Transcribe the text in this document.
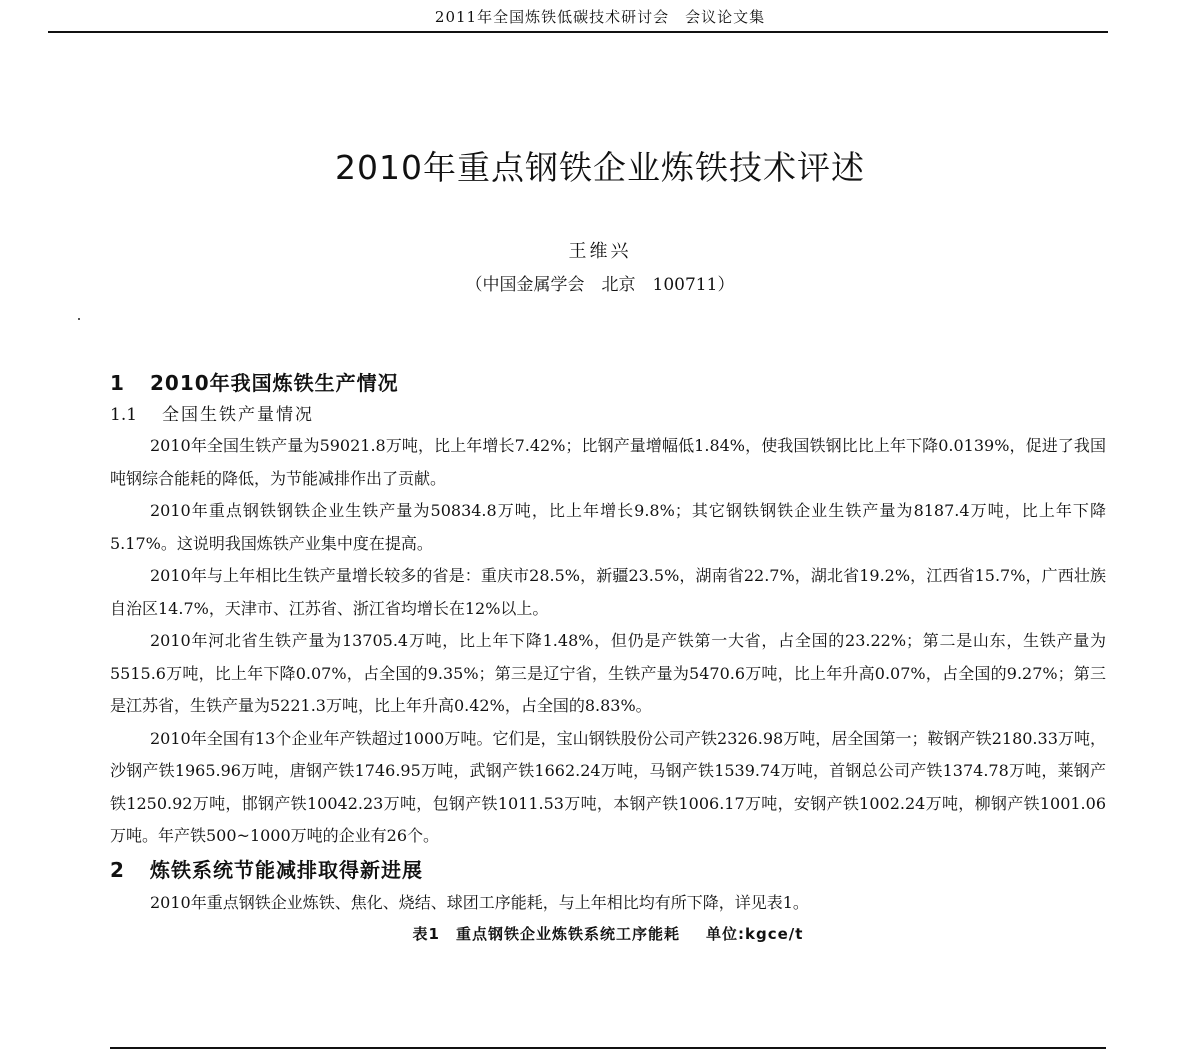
2011年全国炼铁低碳技术研讨会　会议论文集
2010年重点钢铁企业炼铁技术评述
王维兴
（中国金属学会　北京　100711）
1 2010年我国炼铁生产情况
1.1 全国生铁产量情况

2010年全国生铁产量为59021.8万吨，比上年增长7.42%；比钢产量增幅低1.84%，使我国铁钢比比上年下降0.0139%，促进了我国吨钢综合能耗的降低，为节能减排作出了贡献。

2010年重点钢铁钢铁企业生铁产量为50834.8万吨，比上年增长9.8%；其它钢铁钢铁企业生铁产量为8187.4万吨，比上年下降5.17%。这说明我国炼铁产业集中度在提高。

2010年与上年相比生铁产量增长较多的省是：重庆市28.5%，新疆23.5%，湖南省22.7%，湖北省19.2%，江西省15.7%，广西壮族自治区14.7%，天津市、江苏省、浙江省均增长在12%以上。

2010年河北省生铁产量为13705.4万吨，比上年下降1.48%，但仍是产铁第一大省，占全国的23.22%；第二是山东，生铁产量为5515.6万吨，比上年下降0.07%，占全国的9.35%；第三是辽宁省，生铁产量为5470.6万吨，比上年升高0.07%，占全国的9.27%；第三是江苏省，生铁产量为5221.3万吨，比上年升高0.42%，占全国的8.83%。

2010年全国有13个企业年产铁超过1000万吨。它们是，宝山钢铁股份公司产铁2326.98万吨，居全国第一；鞍钢产铁2180.33万吨，沙钢产铁1965.96万吨，唐钢产铁1746.95万吨，武钢产铁1662.24万吨，马钢产铁1539.74万吨，首钢总公司产铁1374.78万吨，莱钢产铁1250.92万吨，邯钢产铁10042.23万吨，包钢产铁1011.53万吨，本钢产铁1006.17万吨，安钢产铁1002.24万吨，柳钢产铁1001.06万吨。年产铁500~1000万吨的企业有26个。

2 炼铁系统节能减排取得新进展

2010年重点钢铁企业炼铁、焦化、烧结、球团工序能耗，与上年相比均有所下降，详见表1。

表1　重点钢铁企业炼铁系统工序能耗 单位:kgce/t
